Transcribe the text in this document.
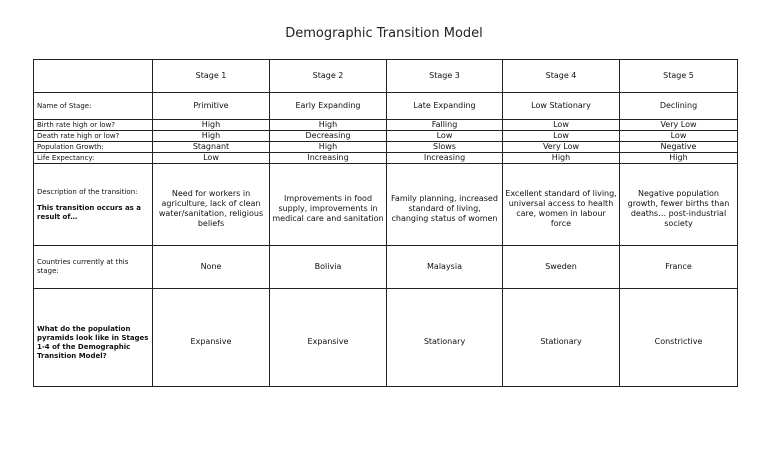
Demographic Transition Model
	Stage 1	Stage 2	Stage 3	Stage 4	Stage 5
Name of Stage:	Primitive	Early Expanding	Late Expanding	Low Stationary	Declining
Birth rate high or low?	High	High	Falling	Low	Very Low
Death rate high or low?	High	Decreasing	Low	Low	Low
Population Growth:	Stagnant	High	Slows	Very Low	Negative
Life Expectancy:	Low	Increasing	Increasing	High	High
Description of the transition:
This transition occurs as a result of…	Need for workers in agriculture, lack of clean water/sanitation, religious beliefs	Improvements in food supply, improvements in medical care and sanitation	Family planning, increased standard of living, changing status of women	Excellent standard of living, universal access to health care, women in labour force	Negative population growth, fewer births than deaths… post-industrial society
Countries currently at this stage:	None	Bolivia	Malaysia	Sweden	France

What do the population pyramids look like in Stages 1-4 of the Demographic Transition Model?	Expansive	Expansive	Stationary	Stationary	Constrictive
